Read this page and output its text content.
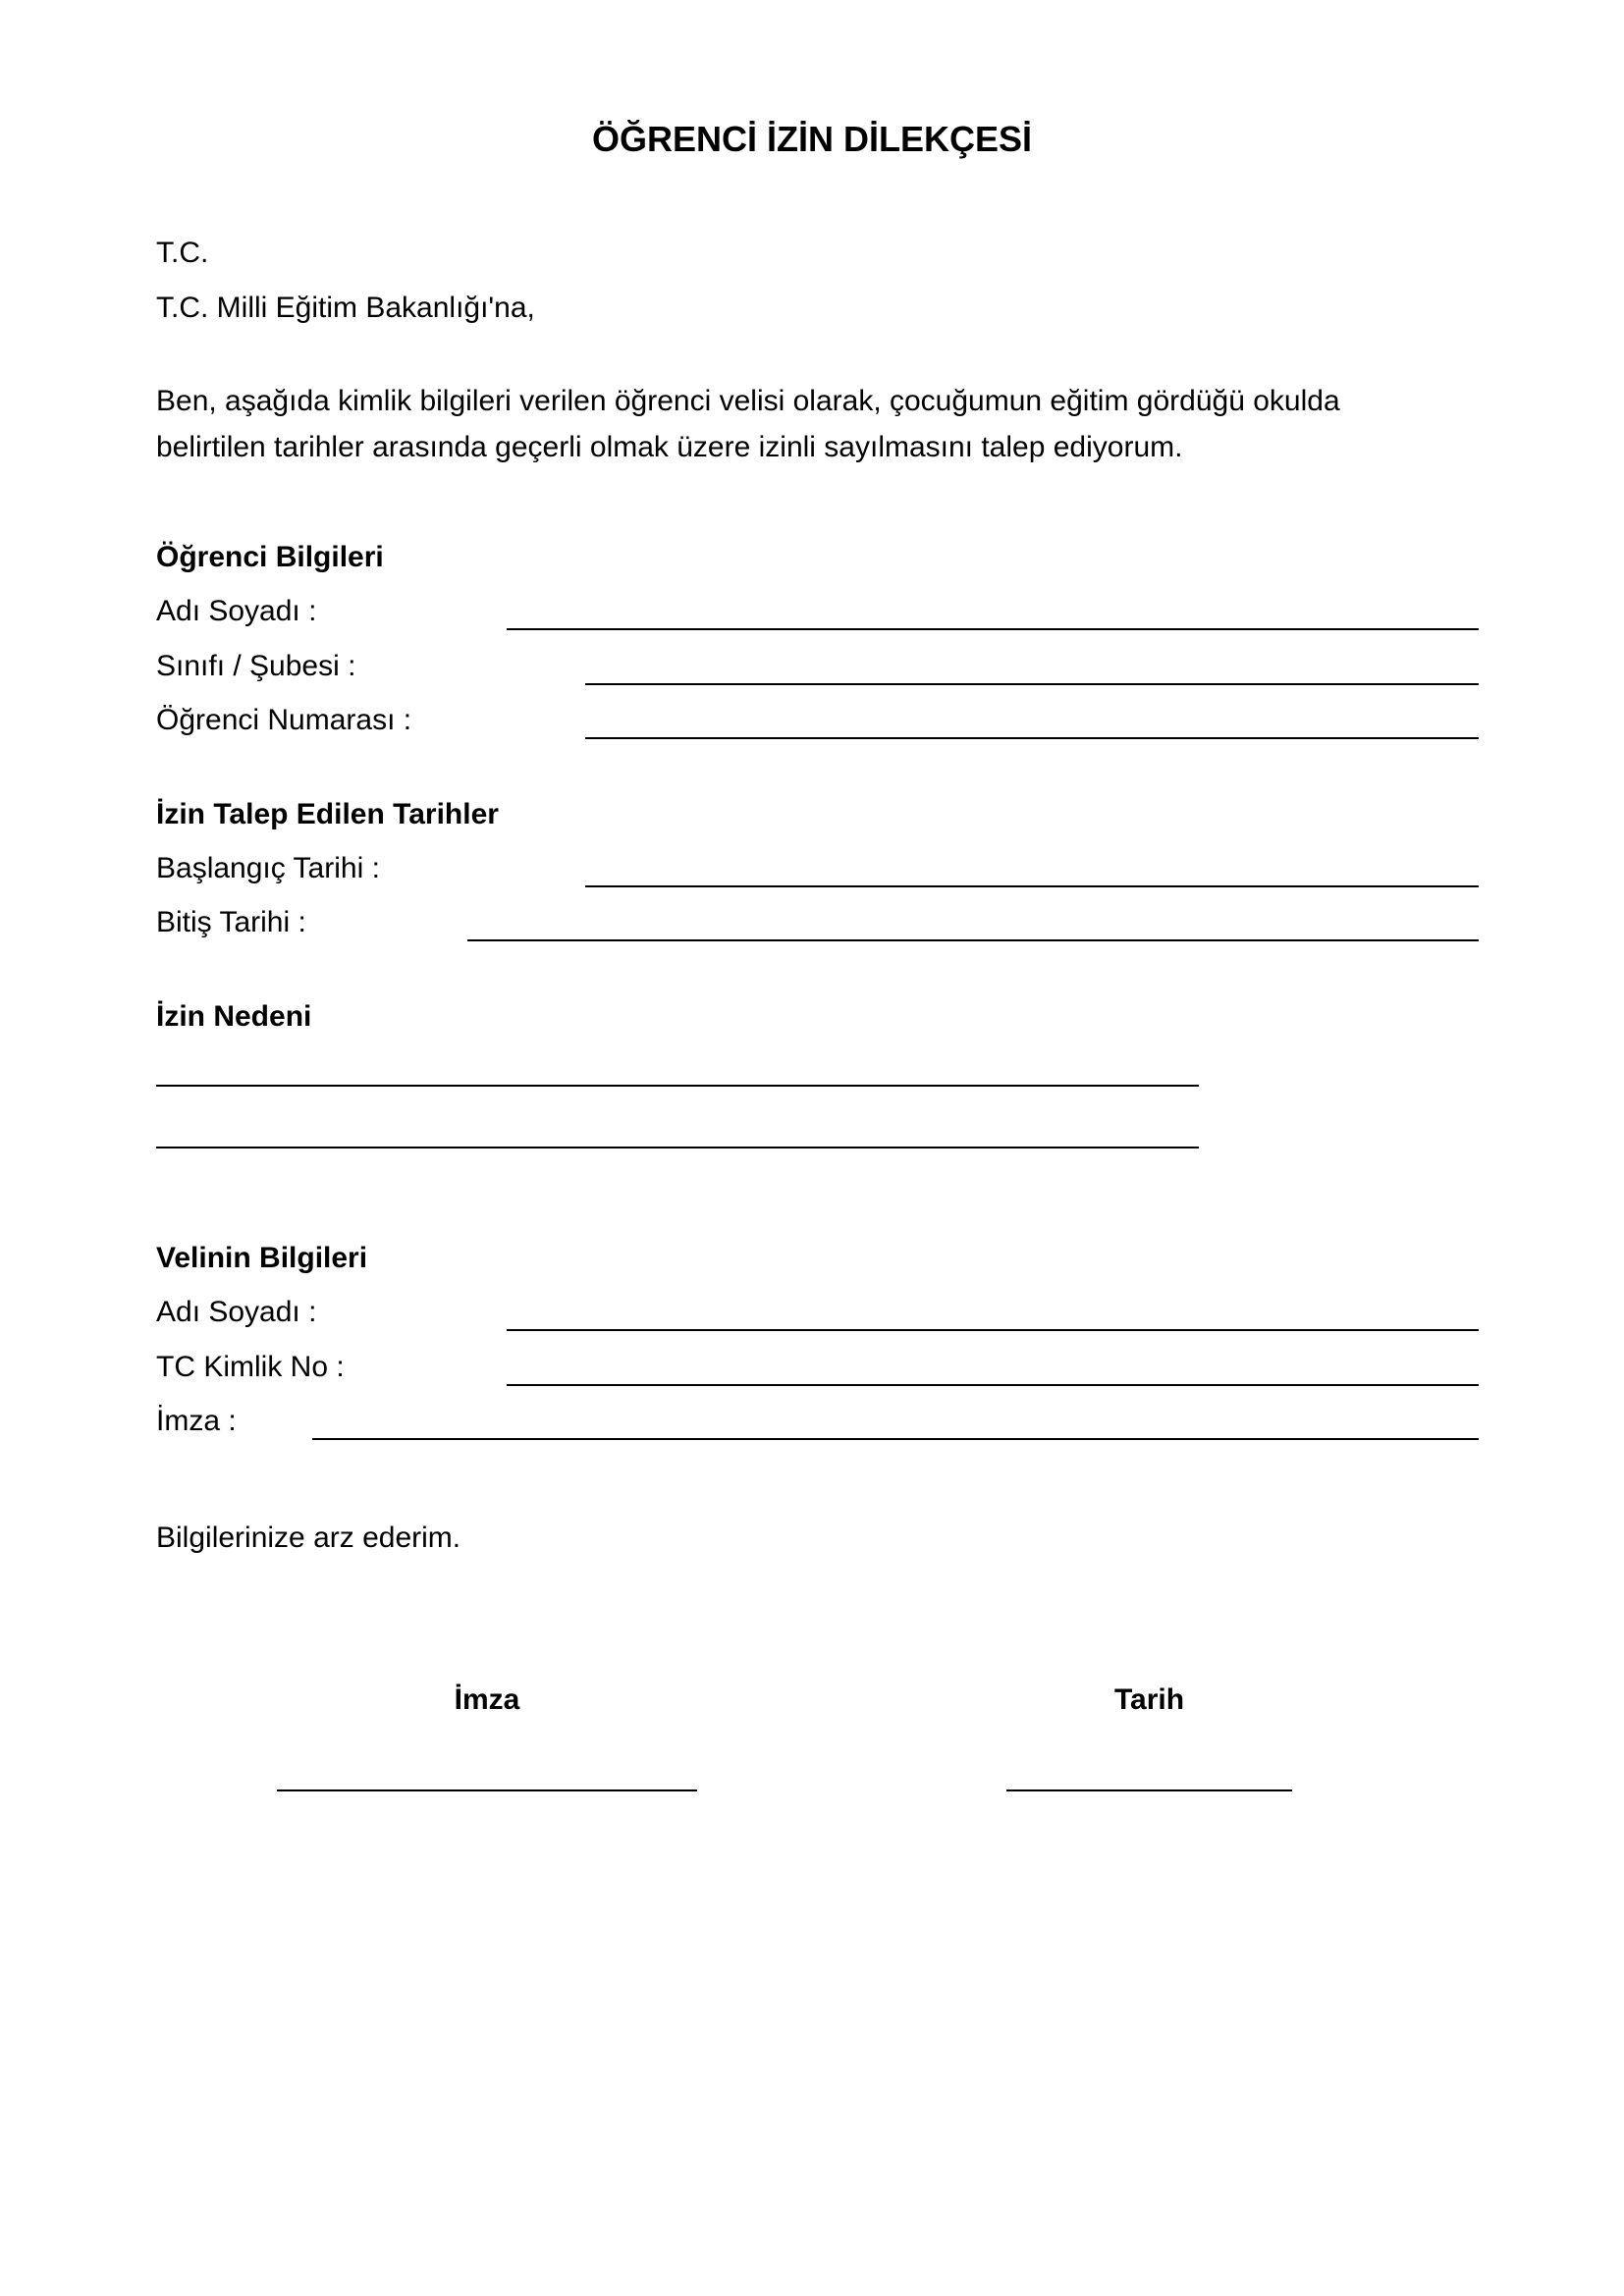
ÖĞRENCİ İZİN DİLEKÇESİ
T.C.
T.C. Milli Eğitim Bakanlığı'na,
Ben, aşağıda kimlik bilgileri verilen öğrenci velisi olarak, çocuğumun eğitim gördüğü okulda
belirtilen tarihler arasında geçerli olmak üzere izinli sayılmasını talep ediyorum.
Öğrenci Bilgileri
Adı Soyadı :
Sınıfı / Şubesi :
Öğrenci Numarası :
İzin Talep Edilen Tarihler
Başlangıç Tarihi :
Bitiş Tarihi :
İzin Nedeni
Velinin Bilgileri
Adı Soyadı :
TC Kimlik No :
İmza :
Bilgilerinize arz ederim.
İmza	Tarih
